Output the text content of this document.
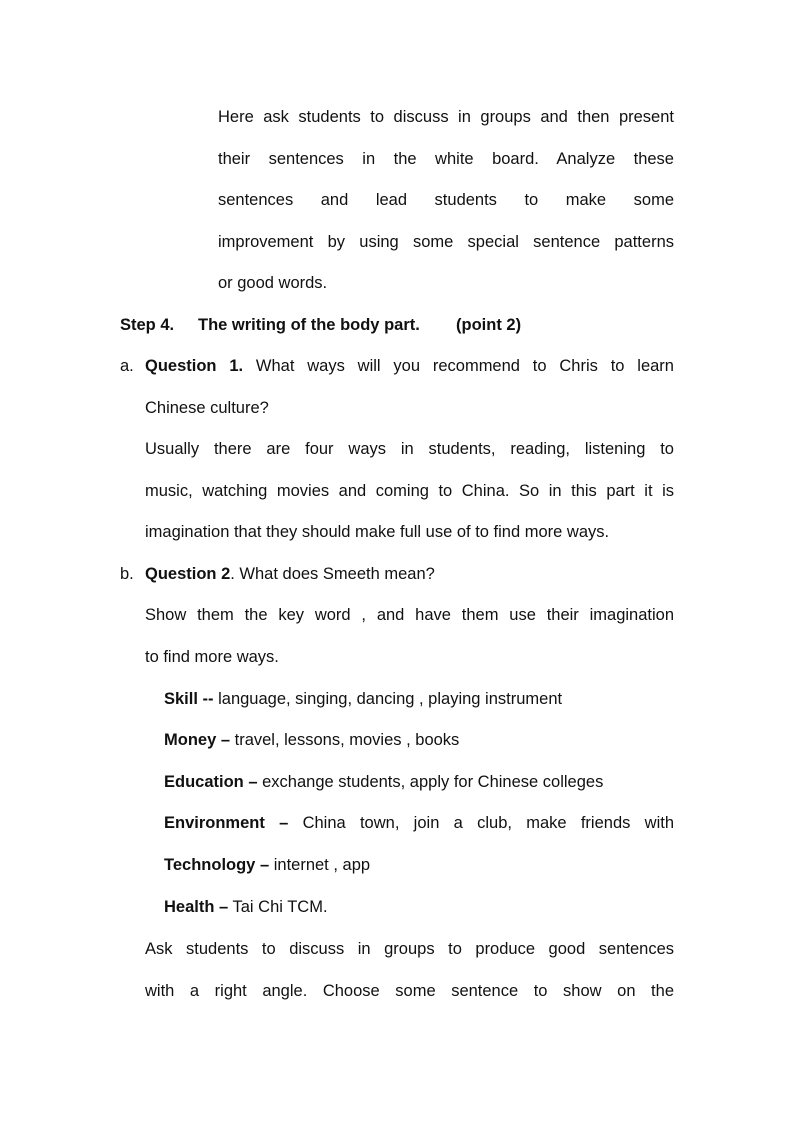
Here ask students to discuss in groups and then present
their sentences in the white board. Analyze these
sentences and lead students to make some
improvement by using some special sentence patterns
or good words.
Step 4. The writing of the body part. (point 2)
a. Question 1. What ways will you recommend to Chris to learn
Chinese culture?
Usually there are four ways in students, reading, listening to
music, watching movies and coming to China. So in this part it is
imagination that they should make full use of to find more ways.
b. Question 2. What does Smeeth mean?
Show them the key word , and have them use their imagination
to find more ways.
Skill -- language, singing, dancing , playing instrument
Money – travel, lessons, movies , books
Education – exchange students, apply for Chinese colleges
Environment – China town, join a club, make friends with
Technology – internet , app
Health – Tai Chi TCM.
Ask students to discuss in groups to produce good sentences
with a right angle. Choose some sentence to show on the
